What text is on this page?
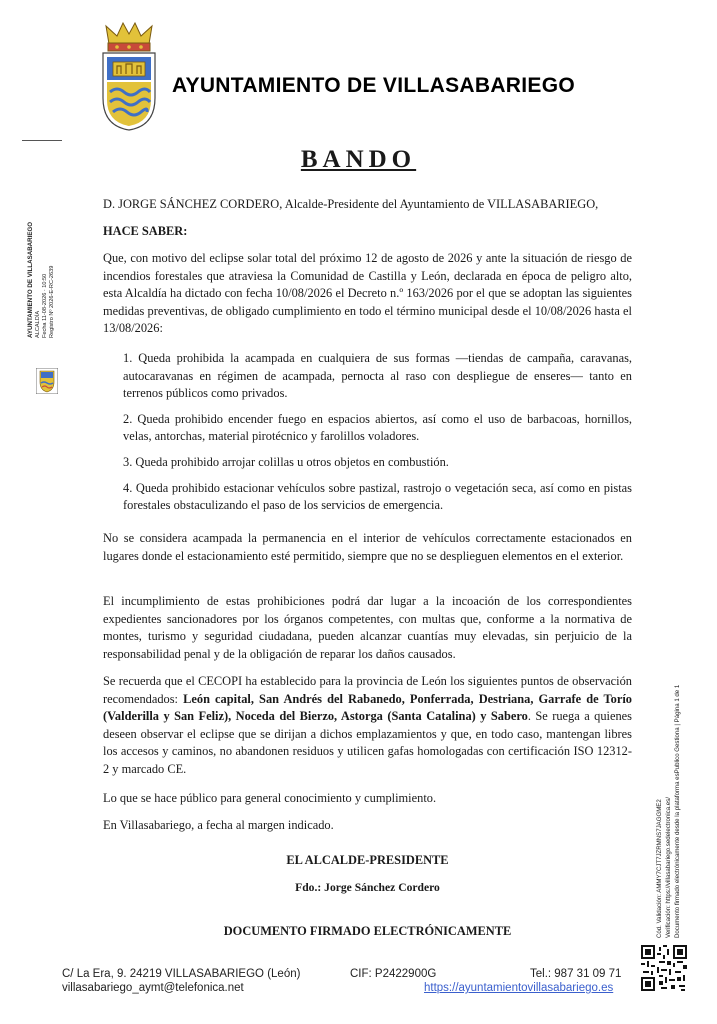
AYUNTAMIENTO DE VILLASABARIEGO
BANDO
D. JORGE SÁNCHEZ CORDERO, Alcalde-Presidente del Ayuntamiento de VILLASABARIEGO,
HACE SABER:
Que, con motivo del eclipse solar total del próximo 12 de agosto de 2026 y ante la situación de riesgo de incendios forestales que atraviesa la Comunidad de Castilla y León, declarada en época de peligro alto, esta Alcaldía ha dictado con fecha 10/08/2026 el Decreto n.º 163/2026 por el que se adoptan las siguientes medidas preventivas, de obligado cumplimiento en todo el término municipal desde el 10/08/2026 hasta el 13/08/2026:
1. Queda prohibida la acampada en cualquiera de sus formas —tiendas de campaña, caravanas, autocaravanas en régimen de acampada, pernocta al raso con despliegue de enseres— tanto en terrenos públicos como privados.
2. Queda prohibido encender fuego en espacios abiertos, así como el uso de barbacoas, hornillos, velas, antorchas, material pirotécnico y farolillos voladores.
3. Queda prohibido arrojar colillas u otros objetos en combustión.
4. Queda prohibido estacionar vehículos sobre pastizal, rastrojo o vegetación seca, así como en pistas forestales obstaculizando el paso de los servicios de emergencia.
No se considera acampada la permanencia en el interior de vehículos correctamente estacionados en lugares donde el estacionamiento esté permitido, siempre que no se desplieguen elementos en el exterior.
El incumplimiento de estas prohibiciones podrá dar lugar a la incoación de los correspondientes expedientes sancionadores por los órganos competentes, con multas que, conforme a la normativa de montes, turismo y seguridad ciudadana, pueden alcanzar cuantías muy elevadas, sin perjuicio de la responsabilidad penal y de la obligación de reparar los daños causados.
Se recuerda que el CECOPI ha establecido para la provincia de León los siguientes puntos de observación recomendados: León capital, San Andrés del Rabanedo, Ponferrada, Destriana, Garrafe de Torío (Valderilla y San Feliz), Noceda del Bierzo, Astorga (Santa Catalina) y Sabero. Se ruega a quienes deseen observar el eclipse que se dirijan a dichos emplazamientos y que, en todo caso, mantengan libres los accesos y caminos, no abandonen residuos y utilicen gafas homologadas con certificación ISO 12312-2 y marcado CE.
Lo que se hace público para general conocimiento y cumplimiento.
En Villasabariego, a fecha al margen indicado.
EL ALCALDE-PRESIDENTE
Fdo.: Jorge Sánchez Cordero
DOCUMENTO FIRMADO ELECTRÓNICAMENTE
AYUNTAMIENTO DE VILLASABARIEGO ALCALDÍA Fecha 11-08-2026 · 10:50 Registro Nº 2026-E-RC-2639
Cód. Validación: AMMY7CJT7JZRMNS7JAGGME2 Verificación: https://villasabariego.sedelectronica.es/ Documento firmado electrónicamente desde la plataforma esPublico Gestiona | Página 1 de 1
C/ La Era, 9. 24219 VILLASABARIEGO (León)	CIF: P2422900G	Tel.: 987 31 09 71
villasabariego_aymt@telefonica.net	https://ayuntamientovillasabariego.es
